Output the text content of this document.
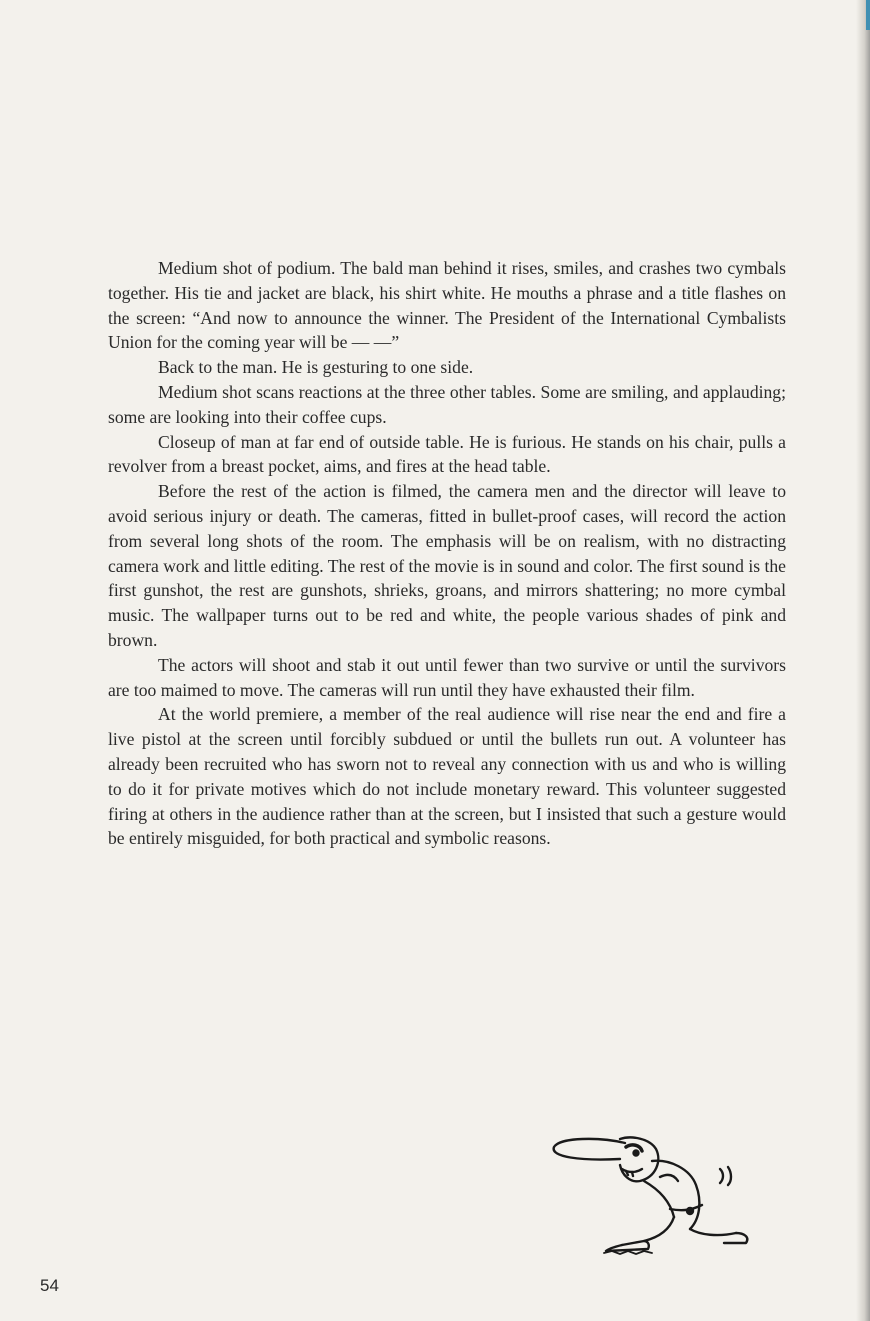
Medium shot of podium. The bald man behind it rises, smiles, and crashes two cymbals together. His tie and jacket are black, his shirt white. He mouths a phrase and a title flashes on the screen: “And now to announce the winner. The President of the International Cymbalists Union for the coming year will be — —”

Back to the man. He is gesturing to one side.

Medium shot scans reactions at the three other tables. Some are smiling, and applauding; some are looking into their coffee cups.

Closeup of man at far end of outside table. He is furious. He stands on his chair, pulls a revolver from a breast pocket, aims, and fires at the head table.

Before the rest of the action is filmed, the camera men and the director will leave to avoid serious injury or death. The cameras, fitted in bullet-proof cases, will record the action from several long shots of the room. The emphasis will be on realism, with no distracting camera work and little editing. The rest of the movie is in sound and color. The first sound is the first gunshot, the rest are gunshots, shrieks, groans, and mirrors shattering; no more cymbal music. The wallpaper turns out to be red and white, the people various shades of pink and brown.

The actors will shoot and stab it out until fewer than two survive or until the survivors are too maimed to move. The cameras will run until they have exhausted their film.

At the world premiere, a member of the real audience will rise near the end and fire a live pistol at the screen until forcibly subdued or until the bullets run out. A volunteer has already been recruited who has sworn not to reveal any connection with us and who is willing to do it for private motives which do not include monetary reward. This volunteer suggested firing at others in the audience rather than at the screen, but I insisted that such a gesture would be entirely misguided, for both practical and symbolic reasons.

54
